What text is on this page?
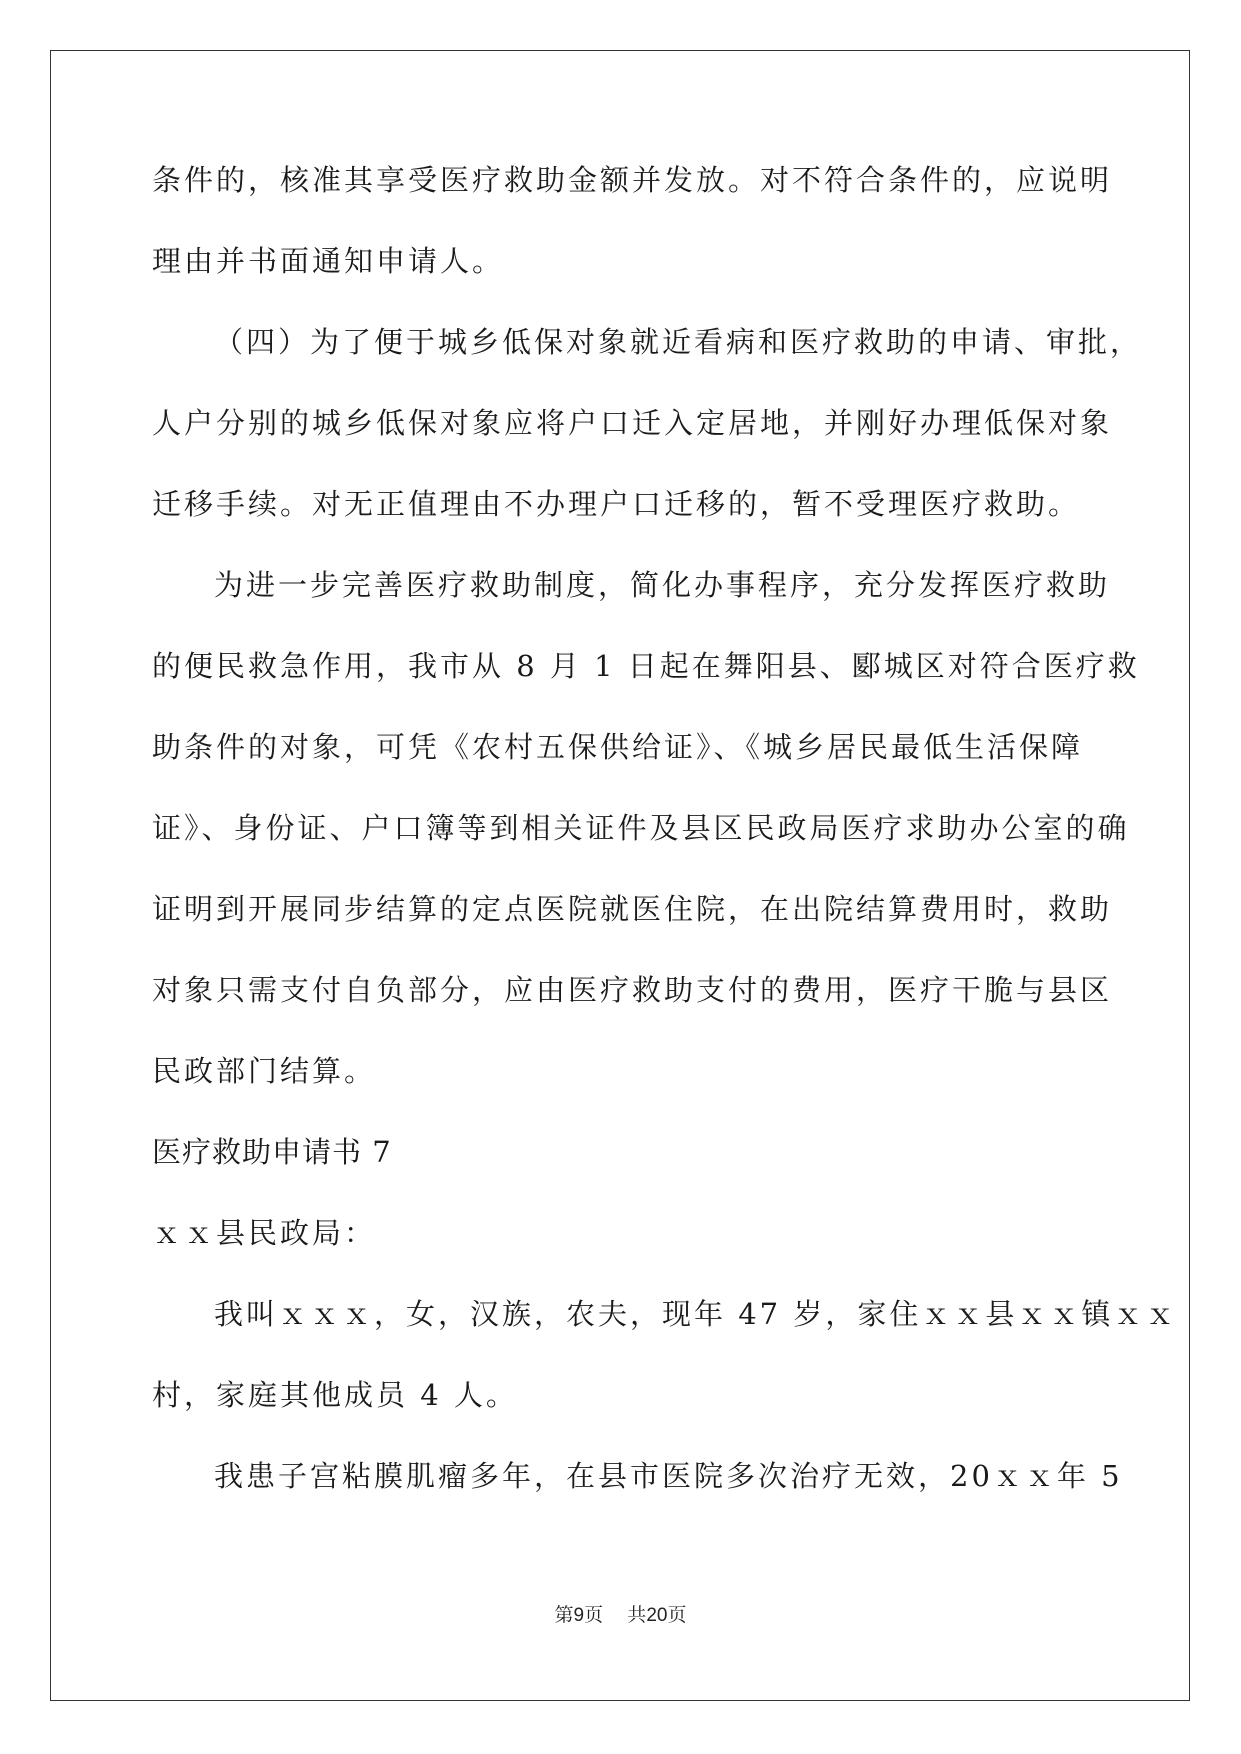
条件的，核准其享受医疗救助金额并发放。对不符合条件的，应说明

理由并书面通知申请人。

（四）为了便于城乡低保对象就近看病和医疗救助的申请、审批，

人户分别的城乡低保对象应将户口迁入定居地，并刚好办理低保对象

迁移手续。对无正值理由不办理户口迁移的，暂不受理医疗救助。

为进一步完善医疗救助制度，简化办事程序，充分发挥医疗救助

的便民救急作用，我市从 8 月 1 日起在舞阳县、郾城区对符合医疗救

助条件的对象，可凭《农村五保供给证》、《城乡居民最低生活保障

证》、身份证、户口簿等到相关证件及县区民政局医疗求助办公室的确

证明到开展同步结算的定点医院就医住院，在出院结算费用时，救助

对象只需支付自负部分，应由医疗救助支付的费用，医疗干脆与县区

民政部门结算。

医疗救助申请书 7

ｘｘ县民政局：

我叫ｘｘｘ，女，汉族，农夫，现年 47 岁，家住ｘｘ县ｘｘ镇ｘｘ

村，家庭其他成员 4 人。

我患子宫粘膜肌瘤多年，在县市医院多次治疗无效，20ｘｘ年 5

第9页 共20页
